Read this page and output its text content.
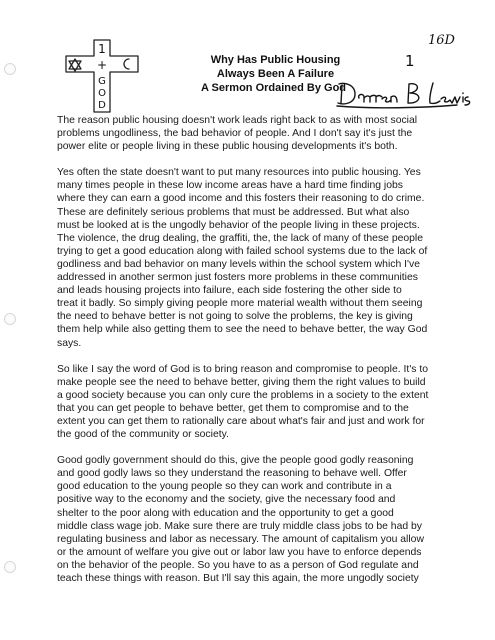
1
+
G
O
D
Why Has Public Housing
Always Been A Failure
A Sermon Ordained By God
16D
1

The reason public housing doesn't work leads right back to as with most social
problems ungodliness, the bad behavior of people. And I don't say it's just the
power elite or people living in these public housing developments it's both.

Yes often the state doesn't want to put many resources into public housing. Yes
many times people in these low income areas have a hard time finding jobs
where they can earn a good income and this fosters their reasoning to do crime.
These are definitely serious problems that must be addressed. But what also
must be looked at is the ungodly behavior of the people living in these projects.
The violence, the drug dealing, the graffiti, the, the lack of many of these people
trying to get a good education along with failed school systems due to the lack of
godliness and bad behavior on many levels within the school system which I've
addressed in another sermon just fosters more problems in these communities
and leads housing projects into failure, each side fostering the other side to
treat it badly. So simply giving people more material wealth without them seeing
the need to behave better is not going to solve the problems, the key is giving
them help while also getting them to see the need to behave better, the way God
says.

So like I say the word of God is to bring reason and compromise to people. It's to
make people see the need to behave better, giving them the right values to build
a good society because you can only cure the problems in a society to the extent
that you can get people to behave better, get them to compromise and to the
extent you can get them to rationally care about what's fair and just and work for
the good of the community or society.

Good godly government should do this, give the people good godly reasoning
and good godly laws so they understand the reasoning to behave well. Offer
good education to the young people so they can work and contribute in a
positive way to the economy and the society, give the necessary food and
shelter to the poor along with education and the opportunity to get a good
middle class wage job. Make sure there are truly middle class jobs to be had by
regulating business and labor as necessary. The amount of capitalism you allow
or the amount of welfare you give out or labor law you have to enforce depends
on the behavior of the people. So you have to as a person of God regulate and
teach these things with reason. But I'll say this again, the more ungodly society
